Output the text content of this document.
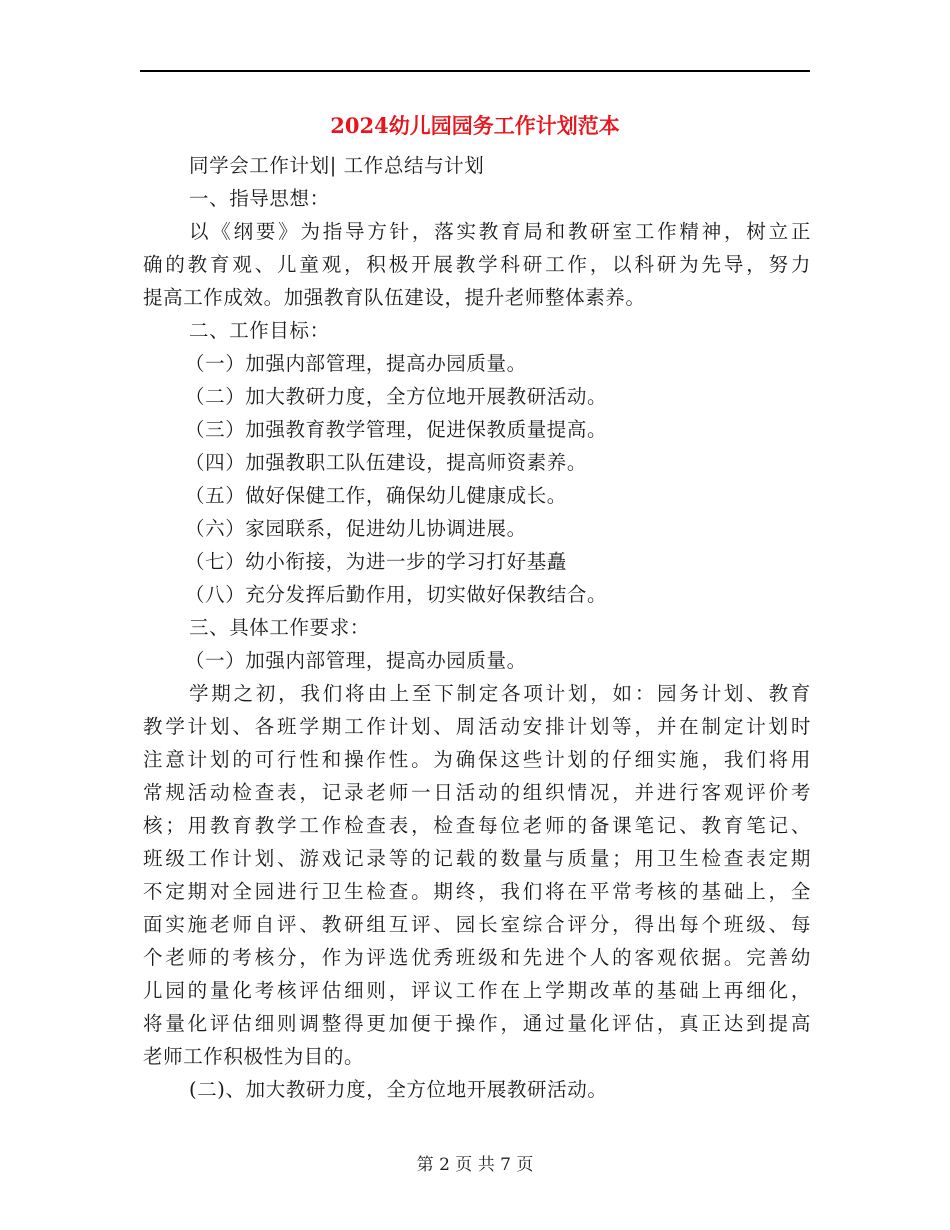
2024幼儿园园务工作计划范本
同学会工作计划| 工作总结与计划
一、指导思想：
以《纲要》为指导方针，落实教育局和教研室工作精神，树立正
确的教育观、儿童观，积极开展教学科研工作，以科研为先导，努力
提高工作成效。加强教育队伍建设，提升老师整体素养。
二、工作目标：
（一）加强内部管理，提高办园质量。
（二）加大教研力度，全方位地开展教研活动。
（三）加强教育教学管理，促进保教质量提高。
（四）加强教职工队伍建设，提高师资素养。
（五）做好保健工作，确保幼儿健康成长。
（六）家园联系，促进幼儿协调进展。
（七）幼小衔接，为进一步的学习打好基矗
（八）充分发挥后勤作用，切实做好保教结合。
三、具体工作要求：
（一）加强内部管理，提高办园质量。
学期之初，我们将由上至下制定各项计划，如：园务计划、教育
教学计划、各班学期工作计划、周活动安排计划等，并在制定计划时
注意计划的可行性和操作性。为确保这些计划的仔细实施，我们将用
常规活动检查表，记录老师一日活动的组织情况，并进行客观评价考
核；用教育教学工作检查表，检查每位老师的备课笔记、教育笔记、
班级工作计划、游戏记录等的记载的数量与质量；用卫生检查表定期
不定期对全园进行卫生检查。期终，我们将在平常考核的基础上，全
面实施老师自评、教研组互评、园长室综合评分，得出每个班级、每
个老师的考核分，作为评选优秀班级和先进个人的客观依据。完善幼
儿园的量化考核评估细则，评议工作在上学期改革的基础上再细化，
将量化评估细则调整得更加便于操作，通过量化评估，真正达到提高
老师工作积极性为目的。
(二)、加大教研力度，全方位地开展教研活动。
第 2 页 共 7 页
